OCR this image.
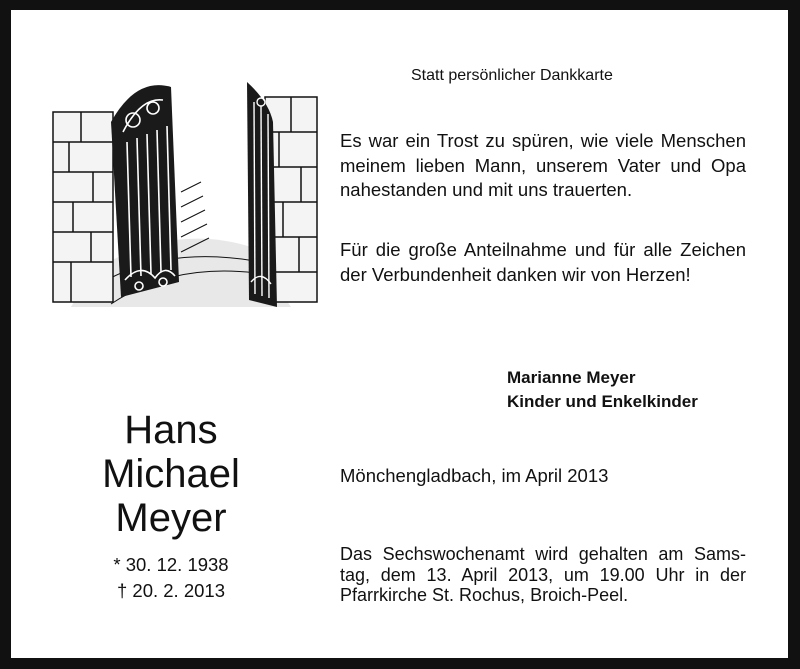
Statt persönlicher Dankkarte
Es war ein Trost zu spüren, wie viele Menschen meinem lieben Mann, unserem Vater und Opa nahestanden und mit uns trauerten.
Für die große Anteilnahme und für alle Zeichen der Verbundenheit danken wir von Herzen!
Marianne Meyer
Kinder und Enkelkinder
Hans
Michael
Meyer
* 30. 12. 1938
† 20. 2. 2013
Mönchengladbach, im April 2013
Das Sechswochenamt wird gehalten am Sams-
tag, dem 13. April 2013, um 19.00 Uhr in der
Pfarrkirche St. Rochus, Broich-Peel.
